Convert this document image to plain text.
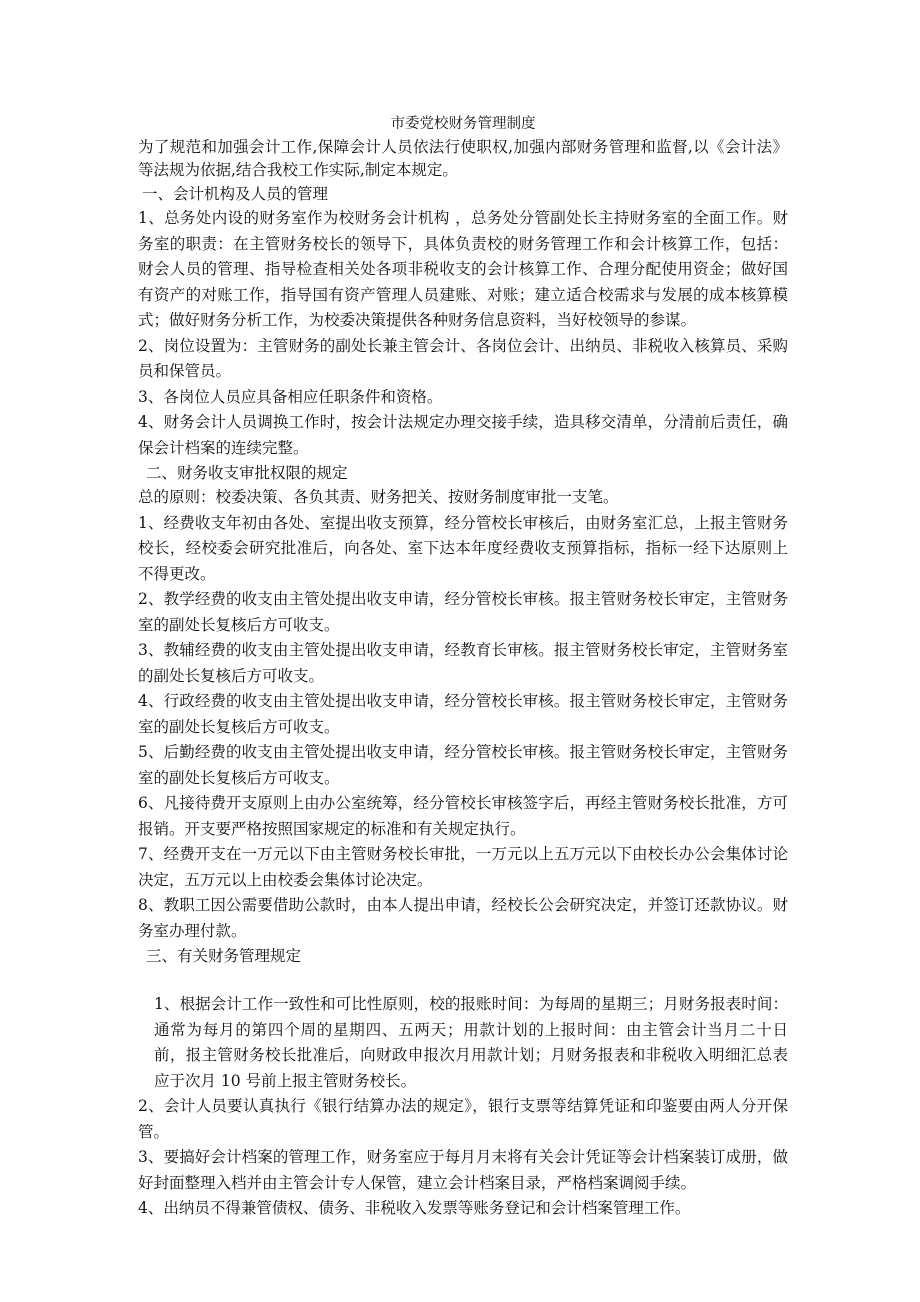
市委党校财务管理制度

为了规范和加强会计工作,保障会计人员依法行使职权,加强内部财务管理和监督,以《会计法》等法规为依据,结合我校工作实际,制定本规定。

一、会计机构及人员的管理

1、总务处内设的财务室作为校财务会计机构 ，总务处分管副处长主持财务室的全面工作。财务室的职责：在主管财务校长的领导下，具体负责校的财务管理工作和会计核算工作，包括：财会人员的管理、指导检查相关处各项非税收支的会计核算工作、合理分配使用资金；做好国有资产的对账工作，指导国有资产管理人员建账、对账；建立适合校需求与发展的成本核算模式；做好财务分析工作，为校委决策提供各种财务信息资料，当好校领导的参谋。

2、岗位设置为：主管财务的副处长兼主管会计、各岗位会计、出纳员、非税收入核算员、采购员和保管员。

3、各岗位人员应具备相应任职条件和资格。

4、财务会计人员调换工作时，按会计法规定办理交接手续，造具移交清单，分清前后责任，确保会计档案的连续完整。

二、财务收支审批权限的规定

总的原则：校委决策、各负其责、财务把关、按财务制度审批一支笔。

1、经费收支年初由各处、室提出收支预算，经分管校长审核后，由财务室汇总，上报主管财务校长，经校委会研究批准后，向各处、室下达本年度经费收支预算指标，指标一经下达原则上不得更改。

2、教学经费的收支由主管处提出收支申请，经分管校长审核。报主管财务校长审定，主管财务室的副处长复核后方可收支。

3、教辅经费的收支由主管处提出收支申请，经教育长审核。报主管财务校长审定，主管财务室的副处长复核后方可收支。

4、行政经费的收支由主管处提出收支申请，经分管校长审核。报主管财务校长审定，主管财务室的副处长复核后方可收支。

5、后勤经费的收支由主管处提出收支申请，经分管校长审核。报主管财务校长审定，主管财务室的副处长复核后方可收支。

6、凡接待费开支原则上由办公室统筹，经分管校长审核签字后，再经主管财务校长批准，方可报销。开支要严格按照国家规定的标准和有关规定执行。

7、经费开支在一万元以下由主管财务校长审批，一万元以上五万元以下由校长办公会集体讨论决定，五万元以上由校委会集体讨论决定。

8、教职工因公需要借助公款时，由本人提出申请，经校长公会研究决定，并签订还款协议。财务室办理付款。

三、有关财务管理规定

1、根据会计工作一致性和可比性原则，校的报账时间：为每周的星期三；月财务报表时间：通常为每月的第四个周的星期四、五两天；用款计划的上报时间：由主管会计当月二十日前，报主管财务校长批准后，向财政申报次月用款计划；月财务报表和非税收入明细汇总表应于次月 10 号前上报主管财务校长。

2、会计人员要认真执行《银行结算办法的规定》，银行支票等结算凭证和印鉴要由两人分开保管。

3、要搞好会计档案的管理工作，财务室应于每月月末将有关会计凭证等会计档案装订成册，做好封面整理入档并由主管会计专人保管，建立会计档案目录，严格档案调阅手续。

4、出纳员不得兼管债权、债务、非税收入发票等账务登记和会计档案管理工作。
